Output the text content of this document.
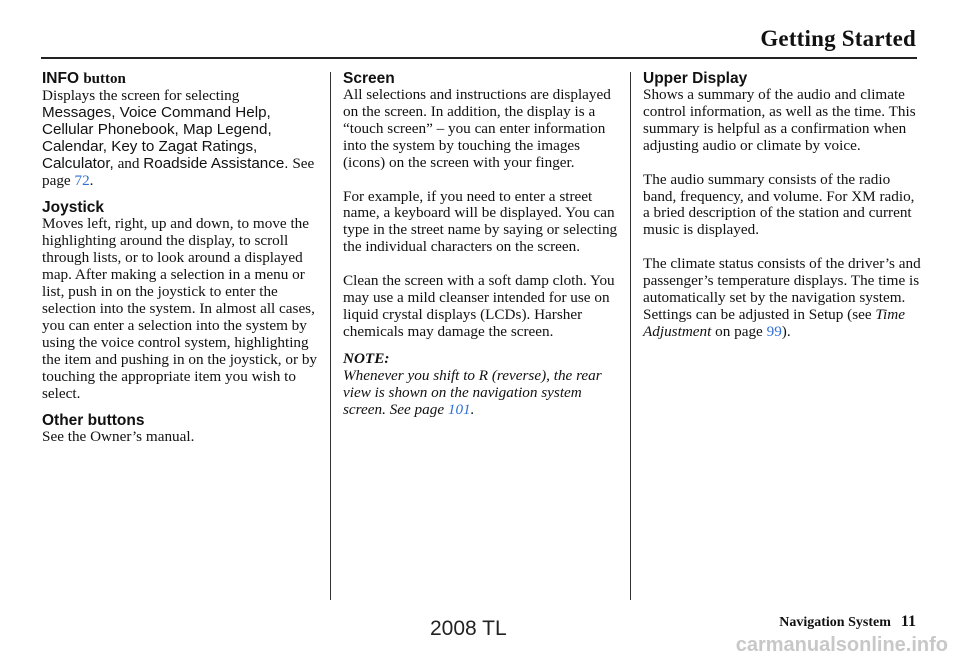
Getting Started
INFO button

Displays the screen for selecting
Messages, Voice Command Help, Cellular Phonebook, Map Legend, Calendar, Key to Zagat Ratings, Calculator, and Roadside Assistance. See page 72.

Joystick

Moves left, right, up and down, to move the highlighting around the display, to scroll through lists, or to look around a displayed map. After making a selection in a menu or list, push in on the joystick to enter the selection into the system. In almost all cases, you can enter a selection into the system by using the voice control system, highlighting the item and pushing in on the joystick, or by touching the appropriate item you wish to select.

Other buttons

See the Owner’s manual.

Screen

All selections and instructions are displayed on the screen. In addition, the display is a “touch screen” – you can enter information into the system by touching the images (icons) on the screen with your finger.

For example, if you need to enter a street name, a keyboard will be displayed. You can type in the street name by saying or selecting the individual characters on the screen.

Clean the screen with a soft damp cloth. You may use a mild cleanser intended for use on liquid crystal displays (LCDs). Harsher chemicals may damage the screen.

NOTE:

Whenever you shift to R (reverse), the rear view is shown on the navigation system screen. See page 101.

Upper Display

Shows a summary of the audio and climate control information, as well as the time. This summary is helpful as a confirmation when adjusting audio or climate by voice.

The audio summary consists of the radio band, frequency, and volume. For XM radio, a bried description of the station and current music is displayed.

The climate status consists of the driver’s and passenger’s temperature displays. The time is automatically set by the navigation system. Settings can be adjusted in Setup (see Time Adjustment on page 99).

Navigation System 11
2008 TL
carmanualsonline.info
